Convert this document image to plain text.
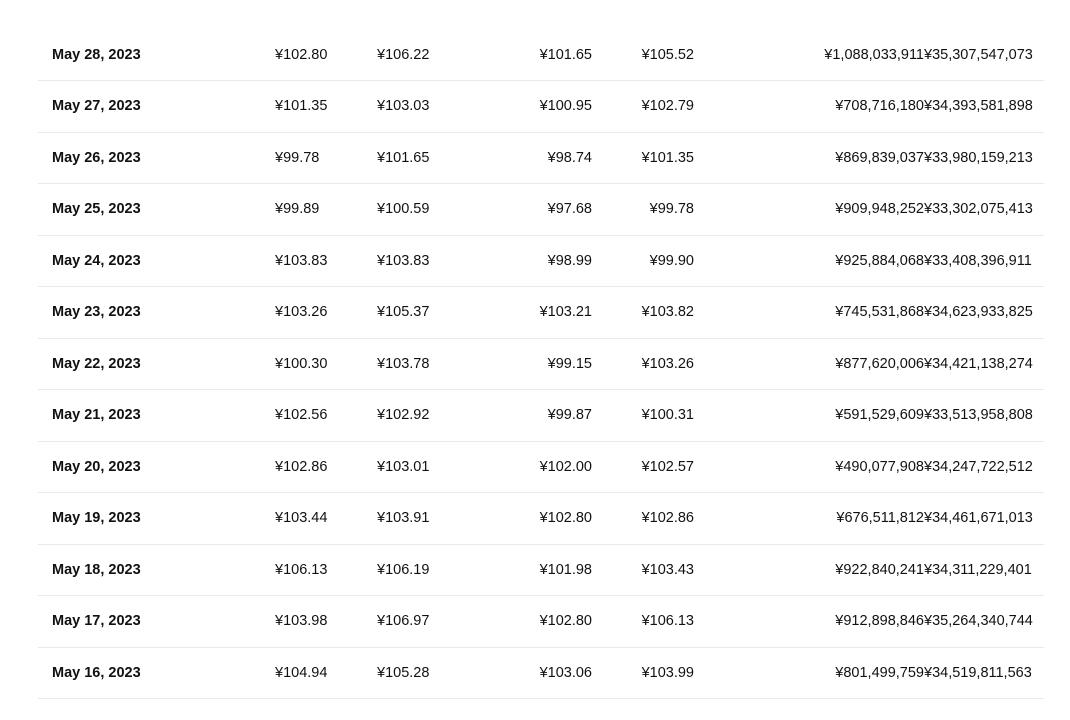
May 28, 2023	¥102.80	¥106.22	¥101.65	¥105.52	¥1,088,033,911	¥35,307,547,073
May 27, 2023	¥101.35	¥103.03	¥100.95	¥102.79	¥708,716,180	¥34,393,581,898
May 26, 2023	¥99.78	¥101.65	¥98.74	¥101.35	¥869,839,037	¥33,980,159,213
May 25, 2023	¥99.89	¥100.59	¥97.68	¥99.78	¥909,948,252	¥33,302,075,413
May 24, 2023	¥103.83	¥103.83	¥98.99	¥99.90	¥925,884,068	¥33,408,396,911
May 23, 2023	¥103.26	¥105.37	¥103.21	¥103.82	¥745,531,868	¥34,623,933,825
May 22, 2023	¥100.30	¥103.78	¥99.15	¥103.26	¥877,620,006	¥34,421,138,274
May 21, 2023	¥102.56	¥102.92	¥99.87	¥100.31	¥591,529,609	¥33,513,958,808
May 20, 2023	¥102.86	¥103.01	¥102.00	¥102.57	¥490,077,908	¥34,247,722,512
May 19, 2023	¥103.44	¥103.91	¥102.80	¥102.86	¥676,511,812	¥34,461,671,013
May 18, 2023	¥106.13	¥106.19	¥101.98	¥103.43	¥922,840,241	¥34,311,229,401
May 17, 2023	¥103.98	¥106.97	¥102.80	¥106.13	¥912,898,846	¥35,264,340,744
May 16, 2023	¥104.94	¥105.28	¥103.06	¥103.99	¥801,499,759	¥34,519,811,563
